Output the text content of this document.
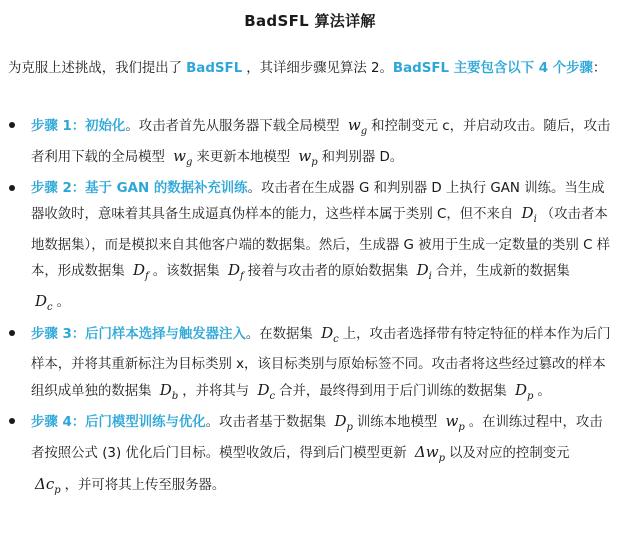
BadSFL 算法详解
为克服上述挑战，我们提出了 BadSFL ，其详细步骤见算法 2。BadSFL 主要包含以下 4 个步骤：
步骤 1：初始化。攻击者首先从服务器下载全局模型 $w_g$ 和控制变元 c，并启动攻击。随后，攻击者利用下载的全局模型 $w_g$ 来更新本地模型 $w_p$ 和判别器 D。
步骤 2：基于 GAN 的数据补充训练。攻击者在生成器 G 和判别器 D 上执行 GAN 训练。当生成器收敛时，意味着其具备生成逼真伪样本的能力，这些样本属于类别 C，但不来自 $D_i$ （攻击者本地数据集），而是模拟来自其他客户端的数据集。然后，生成器 G 被用于生成一定数量的类别 C 样本，形成数据集 $D_f$ 。该数据集 $D_f$ 接着与攻击者的原始数据集 $D_i$ 合并，生成新的数据集 $D_c$ 。
步骤 3：后门样本选择与触发器注入。在数据集 $D_c$ 上，攻击者选择带有特定特征的样本作为后门样本，并将其重新标注为目标类别 x，该目标类别与原始标签不同。攻击者将这些经过篡改的样本组织成单独的数据集 $D_b$ ，并将其与 $D_c$ 合并，最终得到用于后门训练的数据集 $D_p$ 。
步骤 4：后门模型训练与优化。攻击者基于数据集 $D_p$ 训练本地模型 $w_p$ 。在训练过程中，攻击者按照公式 (3) 优化后门目标。模型收敛后，得到后门模型更新 $\Delta w_p$ 以及对应的控制变元 $\Delta c_p$ ，并可将其上传至服务器。
